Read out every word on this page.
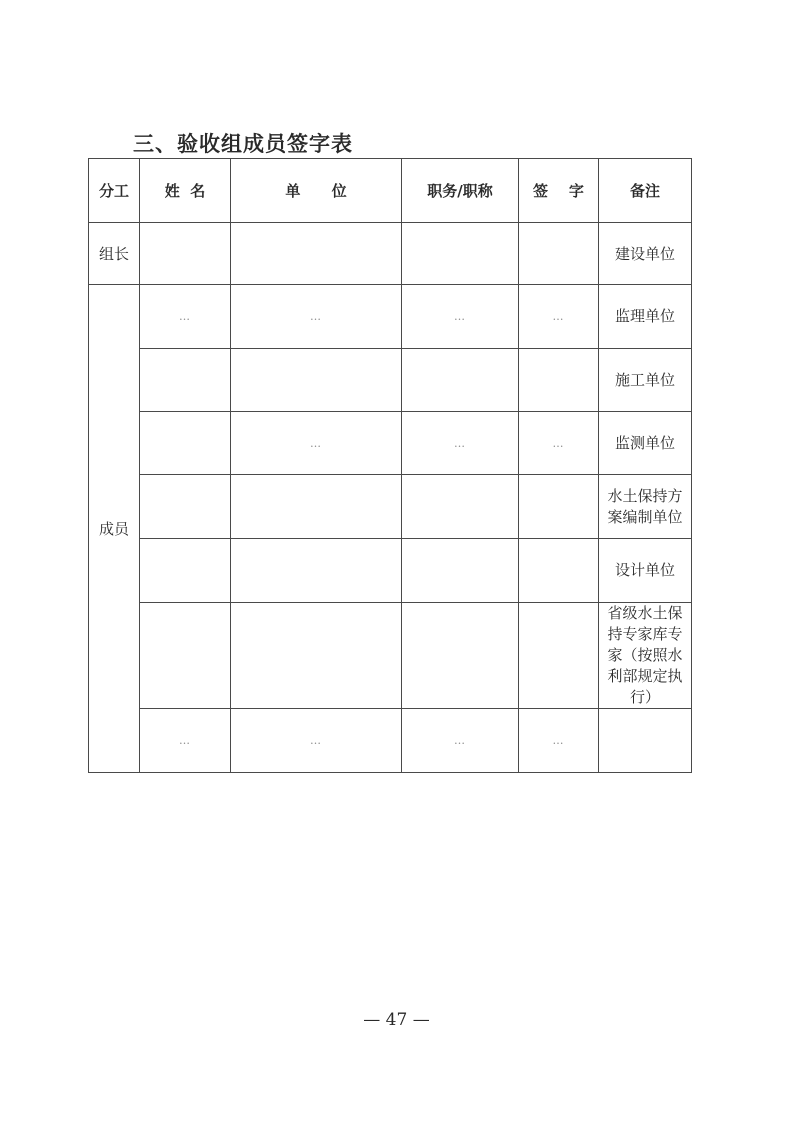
三、验收组成员签字表
分工	姓  名	单      位	职务/职称	签    字	备注
组长					建设单位
成员	…	…	…	…	监理单位
					施工单位
		…	…	…	监测单位
					水土保持方案编制单位
					设计单位
					省级水土保持专家库专家（按照水利部规定执行）
	…	…	…	…	
— 47 —
